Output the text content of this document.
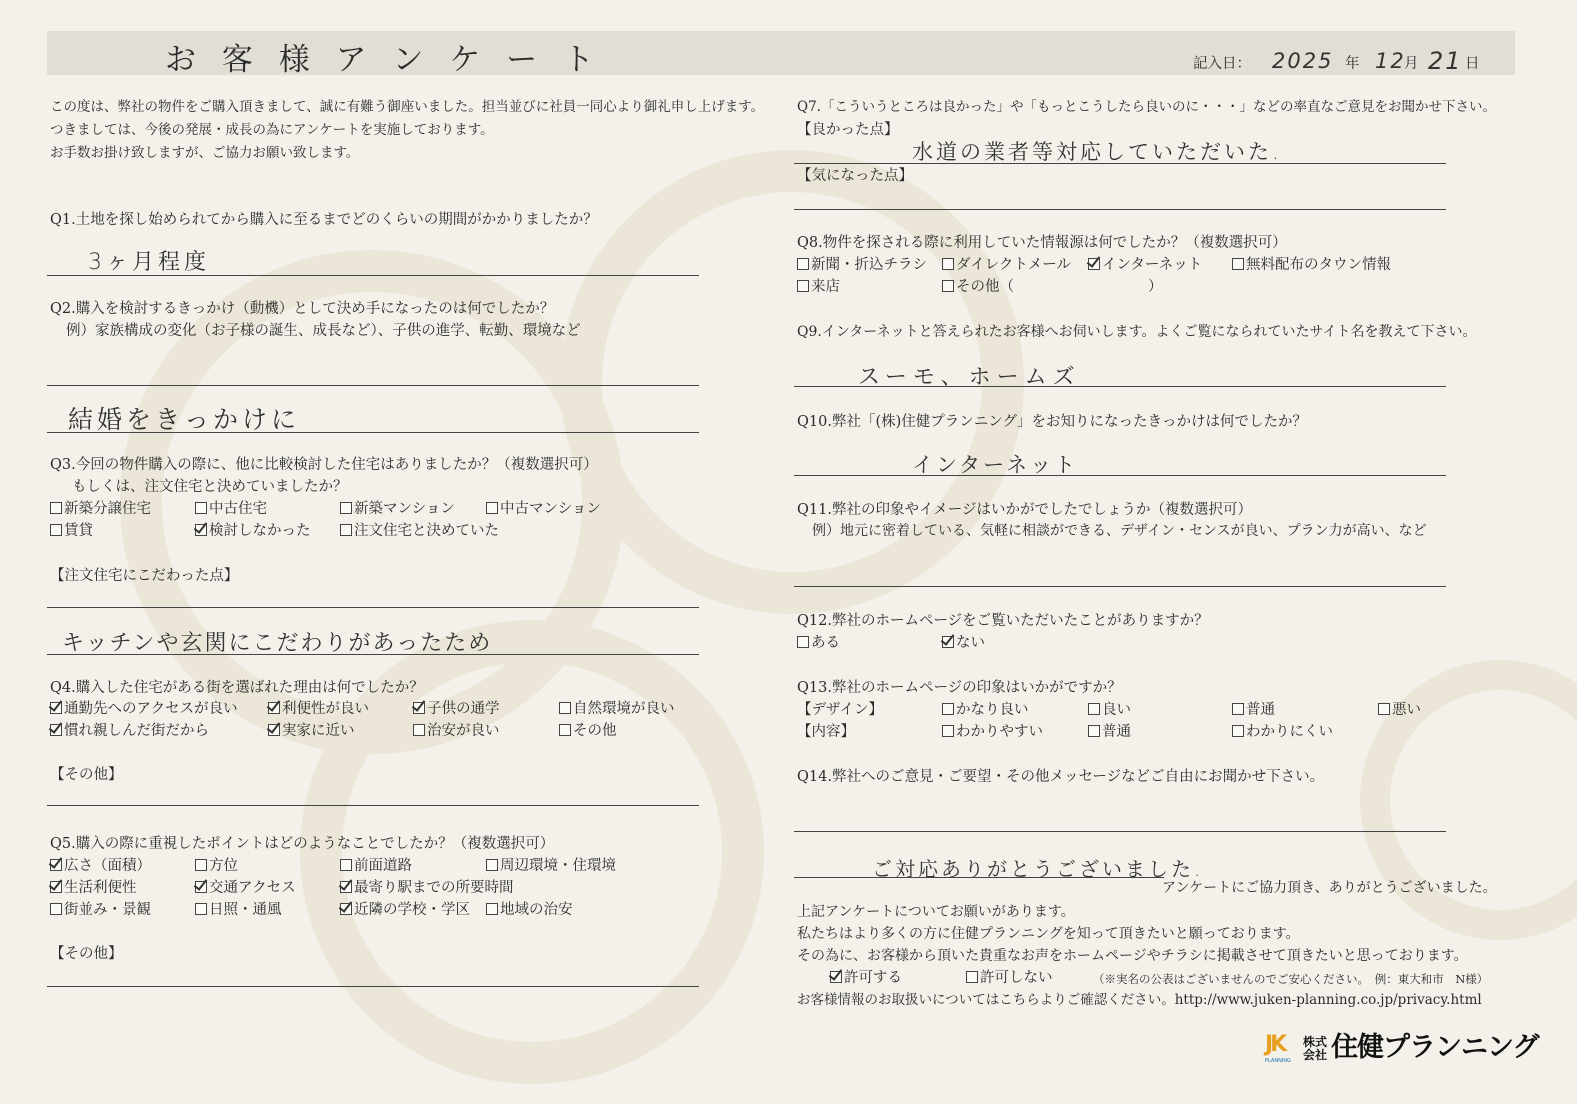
お 客 様 ア ン ケ ー ト	記入日： 2025 年 12
月 21 日
この度は、弊社の物件をご購入頂きまして、誠に有難う御座いました。担当並びに社員一同心より御礼申し上げます。
つきましては、今後の発展・成長の為にアンケートを実施しております。
お手数お掛け致しますが、ご協力お願い致します。
Q1.土地を探し始められてから購入に至るまでどのくらいの期間がかかりましたか？
3ヶ月程度
Q2.購入を検討するきっかけ（動機）として決め手になったのは何でしたか？
例）家族構成の変化（お子様の誕生、成長など）、子供の進学、転勤、環境など
結婚をきっかけに
Q3.今回の物件購入の際に、他に比較検討した住宅はありましたか？（複数選択可）
もしくは、注文住宅と決めていましたか？
新築分譲住宅	中古住宅	新築マンション	中古マンション
賃貸	検討しなかった	注文住宅と決めていた
【注文住宅にこだわった点】
キッチンや玄関にこだわりがあったため
Q4.購入した住宅がある街を選ばれた理由は何でしたか？
通勤先へのアクセスが良い	利便性が良い	子供の通学	自然環境が良い
慣れ親しんだ街だから	実家に近い	治安が良い	その他
【その他】
Q5.購入の際に重視したポイントはどのようなことでしたか？（複数選択可）
広さ（面積）	方位	前面道路	周辺環境・住環境
生活利便性	交通アクセス	最寄り駅までの所要時間
街並み・景観	日照・通風	近隣の学校・学区	地域の治安
【その他】
Q7.「こういうところは良かった」や「もっとこうしたら良いのに・・・」などの率直なご意見をお聞かせ下さい。
【良かった点】
水道の業者等対応していただいた.
【気になった点】
Q8.物件を探される際に利用していた情報源は何でしたか？（複数選択可）
新聞・折込チラシ	ダイレクトメール	インターネット	無料配布のタウン情報
来店	その他（	）
Q9.インターネットと答えられたお客様へお伺いします。よくご覧になられていたサイト名を教えて下さい。
スーモ、ホームズ
Q10.弊社「(株)住健プランニング」をお知りになったきっかけは何でしたか？
インターネット
Q11.弊社の印象やイメージはいかがでしたでしょうか（複数選択可）
例）地元に密着している、気軽に相談ができる、デザイン・センスが良い、プラン力が高い、など
Q12.弊社のホームページをご覧いただいたことがありますか？
ある	ない
Q13.弊社のホームページの印象はいかがですか？
【デザイン】	かなり良い	良い	普通	悪い
【内容】	わかりやすい	普通	わかりにくい
Q14.弊社へのご意見・ご要望・その他メッセージなどご自由にお聞かせ下さい。
ご対応ありがとうございました.
アンケートにご協力頂き、ありがとうございました。
上記アンケートについてお願いがあります。
私たちはより多くの方に住健プランニングを知って頂きたいと願っております。
その為に、お客様から頂いた貴重なお声をホームページやチラシに掲載させて頂きたいと思っております。
許可する	許可しない	（※実名の公表はございませんのでご安心ください。　例：東大和市　N様）
お客様情報のお取扱いについてはこちらよりご確認ください。http://www.juken-planning.co.jp/privacy.html
JK
PLANNING
株式会社 住健プランニング
